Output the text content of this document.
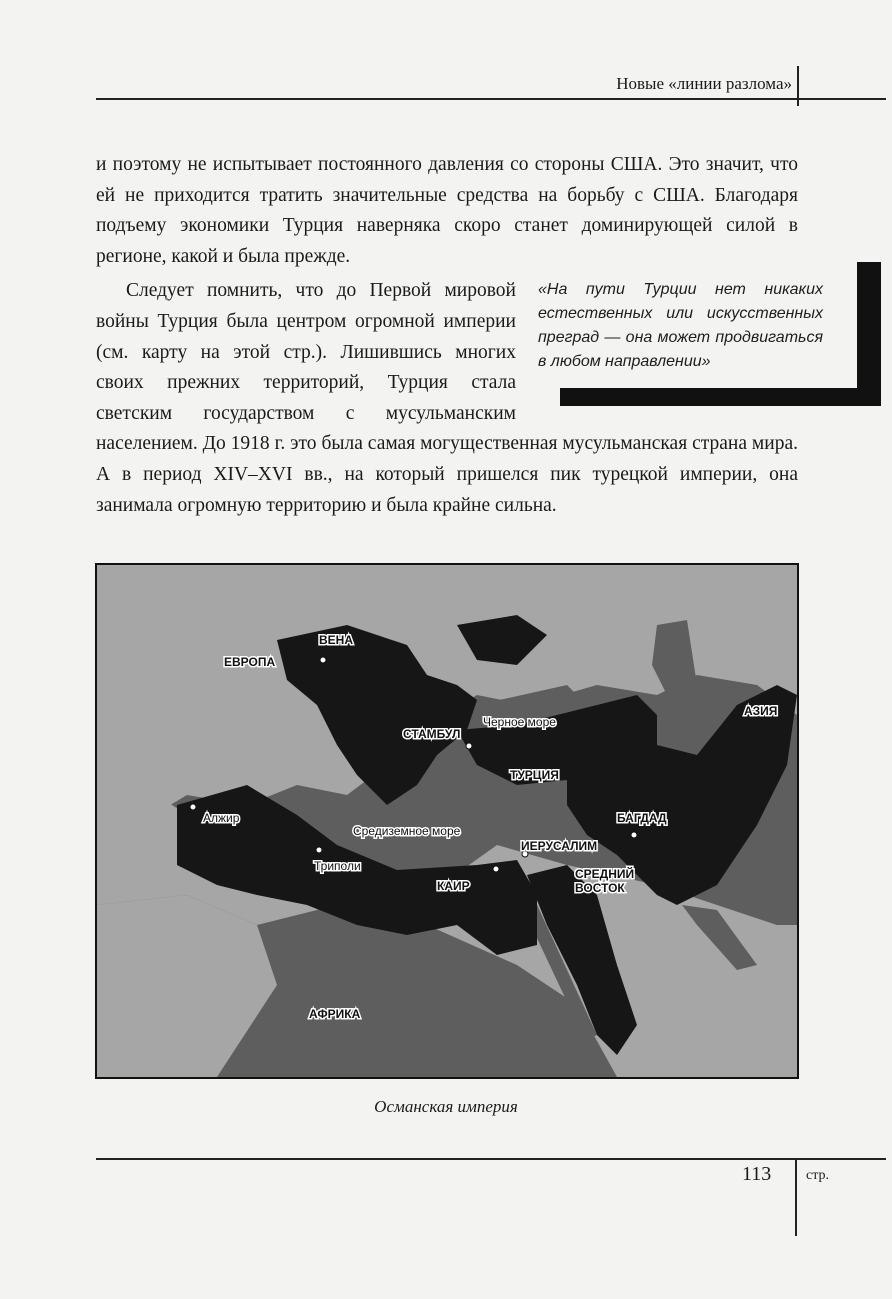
Новые «линии разлома»

и поэтому не испытывает постоянного давления со стороны США. Это значит, что ей не приходится тратить значительные средства на борьбу с США. Благодаря подъему экономики Турция наверняка скоро станет доминирующей силой в регионе, какой и была прежде.

«На пути Турции нет никаких естественных или искусственных преград — она может продвигаться в любом направлении»

Следует помнить, что до Первой мировой войны Турция была центром огромной империи (см. карту на этой стр.). Лишившись многих своих прежних территорий, Турция стала светским государством с мусульманским населением. До 1918 г. это была самая могущественная мусульманская страна мира. А в период XIV–XVI вв., на который пришелся пик турецкой империи, она занимала огромную территорию и была крайне сильна.

ВЕНА
ЕВРОПА
АЗИЯ
СТАМБУЛ
Черное море
ТУРЦИЯ
Алжир
Средиземное море
БАГДАД
ИЕРУСАЛИМ
Триполи
КАИР
СРЕДНИЙ ВОСТОК
АФРИКА
Османская империя
113 стр.
